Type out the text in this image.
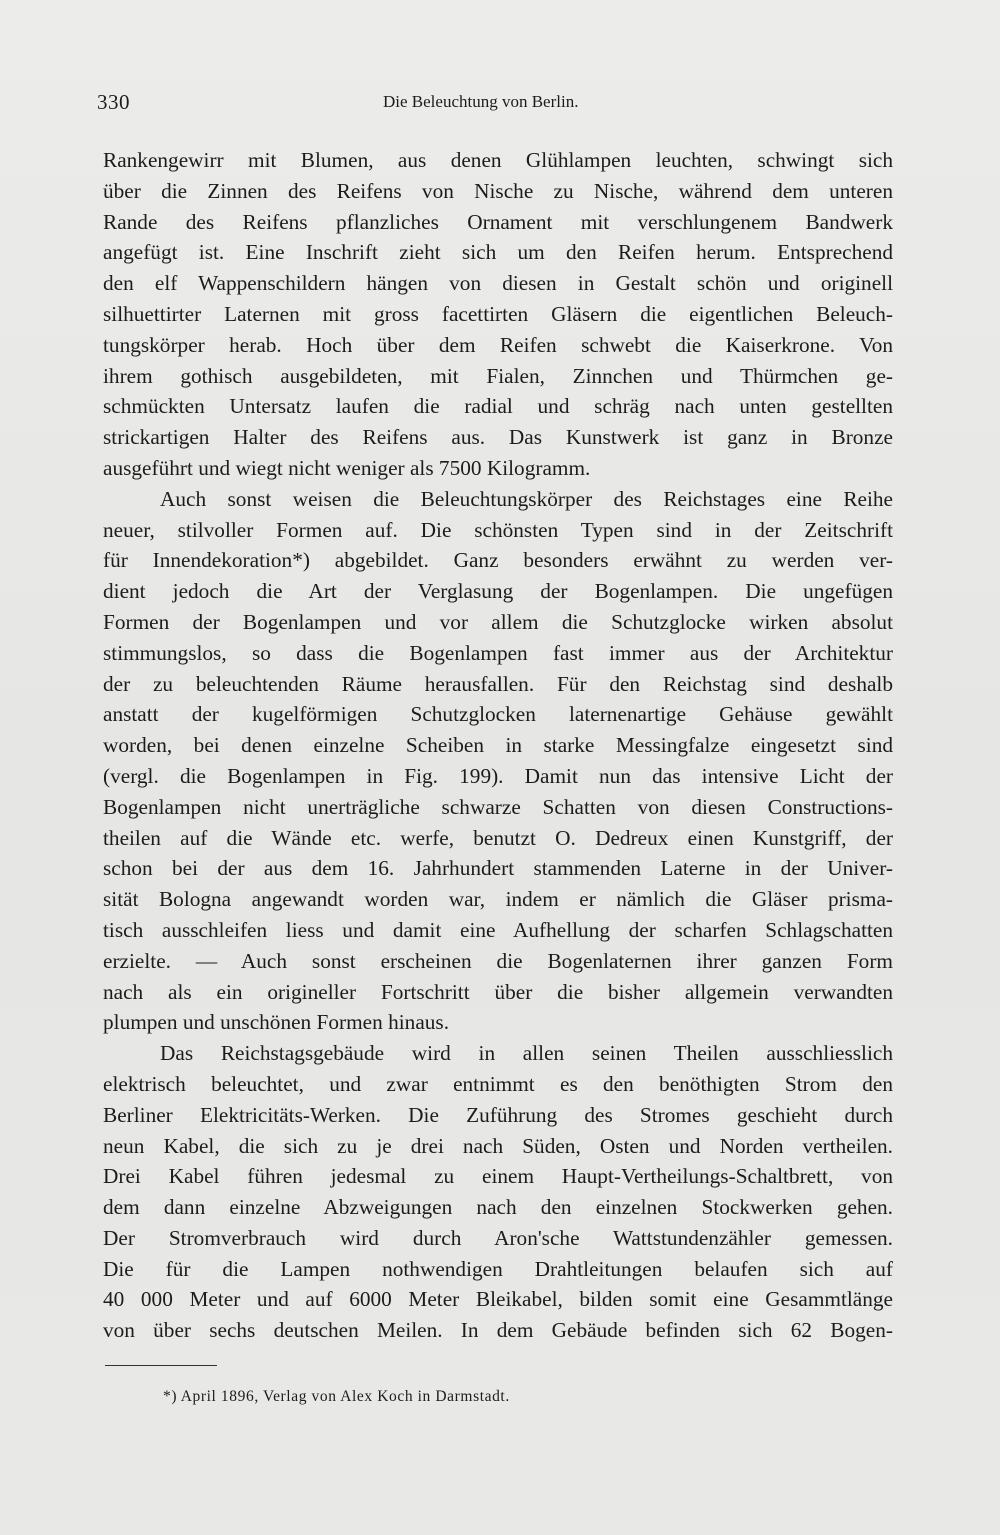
330	Die Beleuchtung von Berlin.
Rankengewirr mit Blumen, aus denen Glühlampen leuchten, schwingt sich
über die Zinnen des Reifens von Nische zu Nische, während dem unteren
Rande des Reifens pflanzliches Ornament mit verschlungenem Bandwerk
angefügt ist. Eine Inschrift zieht sich um den Reifen herum. Entsprechend
den elf Wappenschildern hängen von diesen in Gestalt schön und originell
silhuettirter Laternen mit gross facettirten Gläsern die eigentlichen Beleuch-
tungskörper herab. Hoch über dem Reifen schwebt die Kaiserkrone. Von
ihrem gothisch ausgebildeten, mit Fialen, Zinnchen und Thürmchen ge-
schmückten Untersatz laufen die radial und schräg nach unten gestellten
strickartigen Halter des Reifens aus. Das Kunstwerk ist ganz in Bronze
ausgeführt und wiegt nicht weniger als 7500 Kilogramm.
Auch sonst weisen die Beleuchtungskörper des Reichstages eine Reihe
neuer, stilvoller Formen auf. Die schönsten Typen sind in der Zeitschrift
für Innendekoration*) abgebildet. Ganz besonders erwähnt zu werden ver-
dient jedoch die Art der Verglasung der Bogenlampen. Die ungefügen
Formen der Bogenlampen und vor allem die Schutzglocke wirken absolut
stimmungslos, so dass die Bogenlampen fast immer aus der Architektur
der zu beleuchtenden Räume herausfallen. Für den Reichstag sind deshalb
anstatt der kugelförmigen Schutzglocken laternenartige Gehäuse gewählt
worden, bei denen einzelne Scheiben in starke Messingfalze eingesetzt sind
(vergl. die Bogenlampen in Fig. 199). Damit nun das intensive Licht der
Bogenlampen nicht unerträgliche schwarze Schatten von diesen Constructions-
theilen auf die Wände etc. werfe, benutzt O. Dedreux einen Kunstgriff, der
schon bei der aus dem 16. Jahrhundert stammenden Laterne in der Univer-
sität Bologna angewandt worden war, indem er nämlich die Gläser prisma-
tisch ausschleifen liess und damit eine Aufhellung der scharfen Schlagschatten
erzielte. — Auch sonst erscheinen die Bogenlaternen ihrer ganzen Form
nach als ein origineller Fortschritt über die bisher allgemein verwandten
plumpen und unschönen Formen hinaus.
Das Reichstagsgebäude wird in allen seinen Theilen ausschliesslich
elektrisch beleuchtet, und zwar entnimmt es den benöthigten Strom den
Berliner Elektricitäts-Werken. Die Zuführung des Stromes geschieht durch
neun Kabel, die sich zu je drei nach Süden, Osten und Norden vertheilen.
Drei Kabel führen jedesmal zu einem Haupt-Vertheilungs-Schaltbrett, von
dem dann einzelne Abzweigungen nach den einzelnen Stockwerken gehen.
Der Stromverbrauch wird durch Aron'sche Wattstundenzähler gemessen.
Die für die Lampen nothwendigen Drahtleitungen belaufen sich auf
40 000 Meter und auf 6000 Meter Bleikabel, bilden somit eine Gesammtlänge
von über sechs deutschen Meilen. In dem Gebäude befinden sich 62 Bogen-
*) April 1896, Verlag von Alex Koch in Darmstadt.
